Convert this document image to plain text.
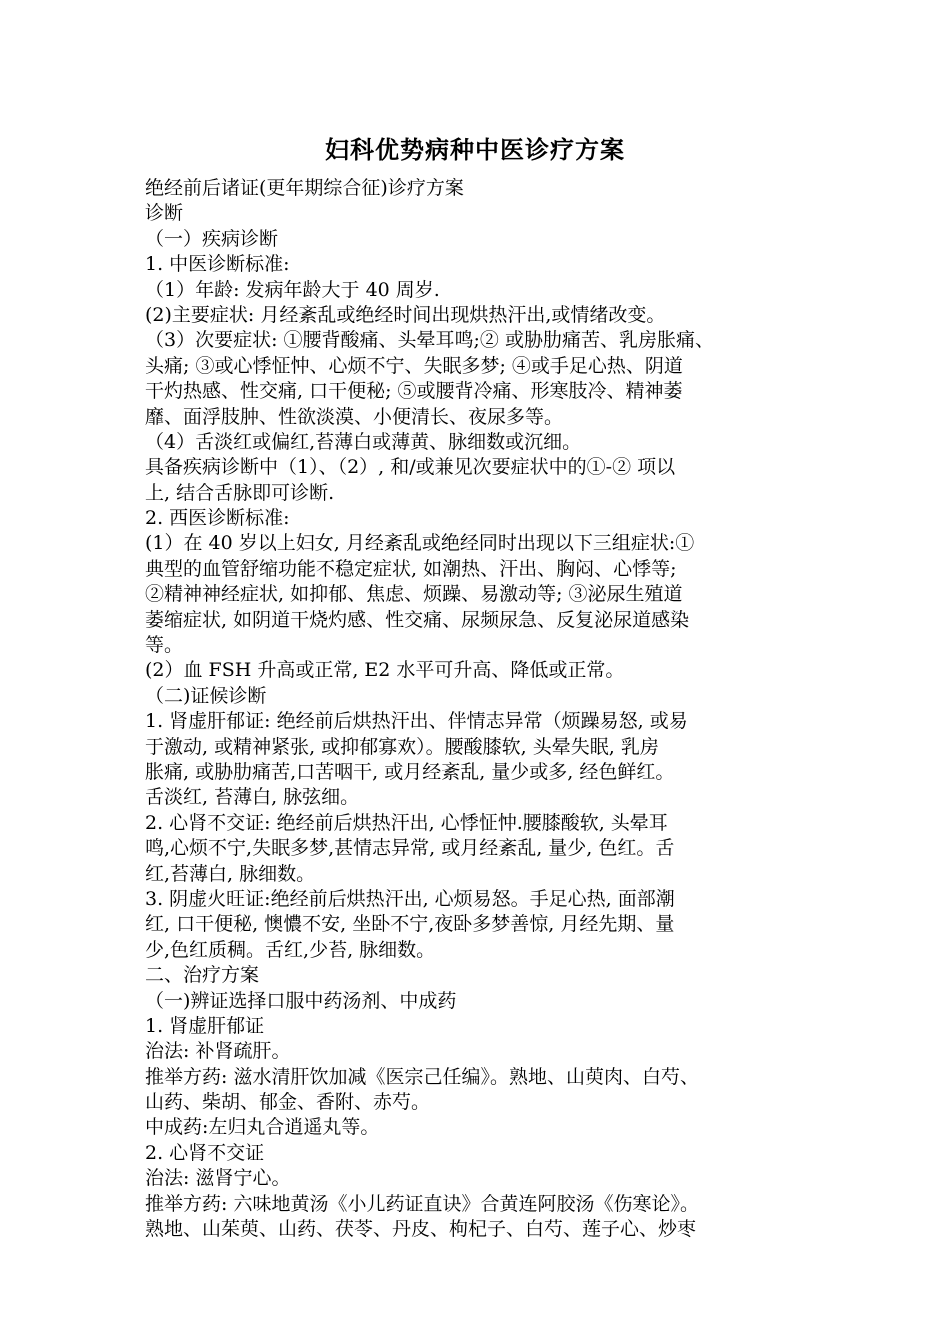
妇科优势病种中医诊疗方案
绝经前后诸证(更年期综合征)诊疗方案
诊断
（一）疾病诊断
1. 中医诊断标准:
（1）年龄: 发病年龄大于 40 周岁.
(2)主要症状: 月经紊乱或绝经时间出现烘热汗出,或情绪改变。
（3）次要症状: ①腰背酸痛、头晕耳鸣;② 或胁肋痛苦、乳房胀痛、
头痛; ③或心悸怔忡、心烦不宁、失眠多梦; ④或手足心热、阴道
干灼热感、性交痛, 口干便秘; ⑤或腰背冷痛、形寒肢冷、精神萎
靡、面浮肢肿、性欲淡漠、小便清长、夜尿多等。
（4）舌淡红或偏红,苔薄白或薄黄、脉细数或沉细。
具备疾病诊断中（1）、（2）, 和/或兼见次要症状中的①-② 项以
上, 结合舌脉即可诊断.
2. 西医诊断标准:
(1）在 40 岁以上妇女, 月经紊乱或绝经同时出现以下三组症状:①
典型的血管舒缩功能不稳定症状, 如潮热、汗出、胸闷、心悸等;
②精神神经症状, 如抑郁、焦虑、烦躁、易激动等; ③泌尿生殖道
萎缩症状, 如阴道干烧灼感、性交痛、尿频尿急、反复泌尿道感染
等。
(2）血 FSH 升高或正常, E2 水平可升高、降低或正常。
（二)证候诊断
1. 肾虚肝郁证: 绝经前后烘热汗出、伴情志异常（烦躁易怒, 或易
于激动, 或精神紧张, 或抑郁寡欢）。腰酸膝软, 头晕失眠, 乳房
胀痛, 或胁肋痛苦,口苦咽干, 或月经紊乱, 量少或多, 经色鲜红。
舌淡红, 苔薄白, 脉弦细。
2. 心肾不交证: 绝经前后烘热汗出, 心悸怔忡.腰膝酸软, 头晕耳
鸣,心烦不宁,失眠多梦,甚情志异常, 或月经紊乱, 量少, 色红。舌
红,苔薄白, 脉细数。
3. 阴虚火旺证:绝经前后烘热汗出, 心烦易怒。手足心热, 面部潮
红, 口干便秘, 懊憹不安, 坐卧不宁,夜卧多梦善惊, 月经先期、量
少,色红质稠。舌红,少苔, 脉细数。
二、治疗方案
（一)辨证选择口服中药汤剂、中成药
1. 肾虚肝郁证
治法: 补肾疏肝。
推举方药: 滋水清肝饮加减《医宗己任编》。熟地、山萸肉、白芍、
山药、柴胡、郁金、香附、赤芍。
中成药:左归丸合逍遥丸等。
2. 心肾不交证
治法: 滋肾宁心。
推举方药: 六味地黄汤《小儿药证直诀》合黄连阿胶汤《伤寒论》。
熟地、山茱萸、山药、茯苓、丹皮、枸杞子、白芍、莲子心、炒枣
